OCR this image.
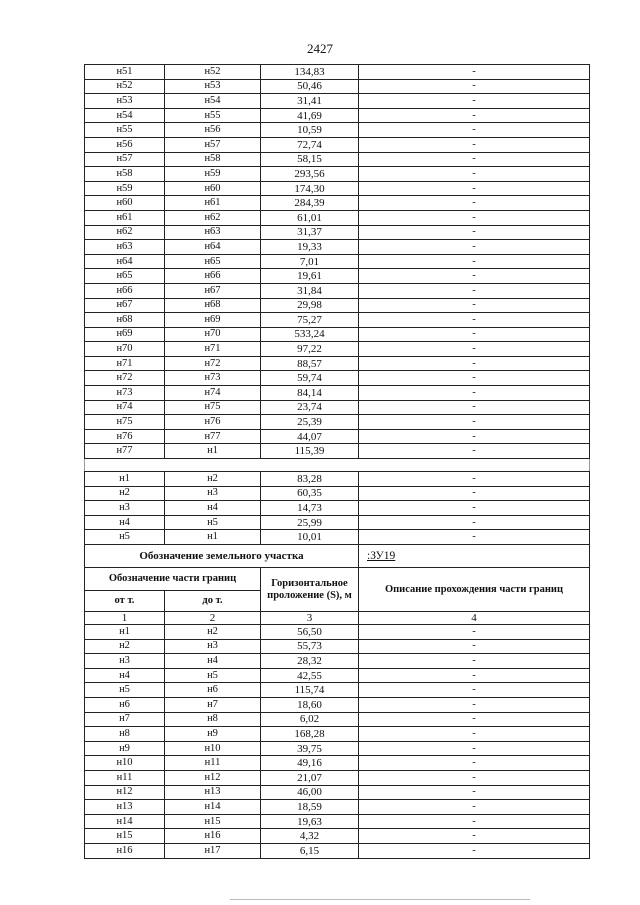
2427
н51	н52	134,83	-
н52	н53	50,46	-
н53	н54	31,41	-
н54	н55	41,69	-
н55	н56	10,59	-
н56	н57	72,74	-
н57	н58	58,15	-
н58	н59	293,56	-
н59	н60	174,30	-
н60	н61	284,39	-
н61	н62	61,01	-
н62	н63	31,37	-
н63	н64	19,33	-
н64	н65	7,01	-
н65	н66	19,61	-
н66	н67	31,84	-
н67	н68	29,98	-
н68	н69	75,27	-
н69	н70	533,24	-
н70	н71	97,22	-
н71	н72	88,57	-
н72	н73	59,74	-
н73	н74	84,14	-
н74	н75	23,74	-
н75	н76	25,39	-
н76	н77	44,07	-
н77	н1	115,39	-

н1	н2	83,28	-
н2	н3	60,35	-
н3	н4	14,73	-
н4	н5	25,99	-
н5	н1	10,01	-
Обозначение земельного участка			:ЗУ19
Обозначение части границ		Горизонтальное проложение (S), м	Описание прохождения части границ
от т.	до т.		
1	2	3	4
н1	н2	56,50	-
н2	н3	55,73	-
н3	н4	28,32	-
н4	н5	42,55	-
н5	н6	115,74	-
н6	н7	18,60	-
н7	н8	6,02	-
н8	н9	168,28	-
н9	н10	39,75	-
н10	н11	49,16	-
н11	н12	21,07	-
н12	н13	46,00	-
н13	н14	18,59	-
н14	н15	19,63	-
н15	н16	4,32	-
н16	н17	6,15	-
